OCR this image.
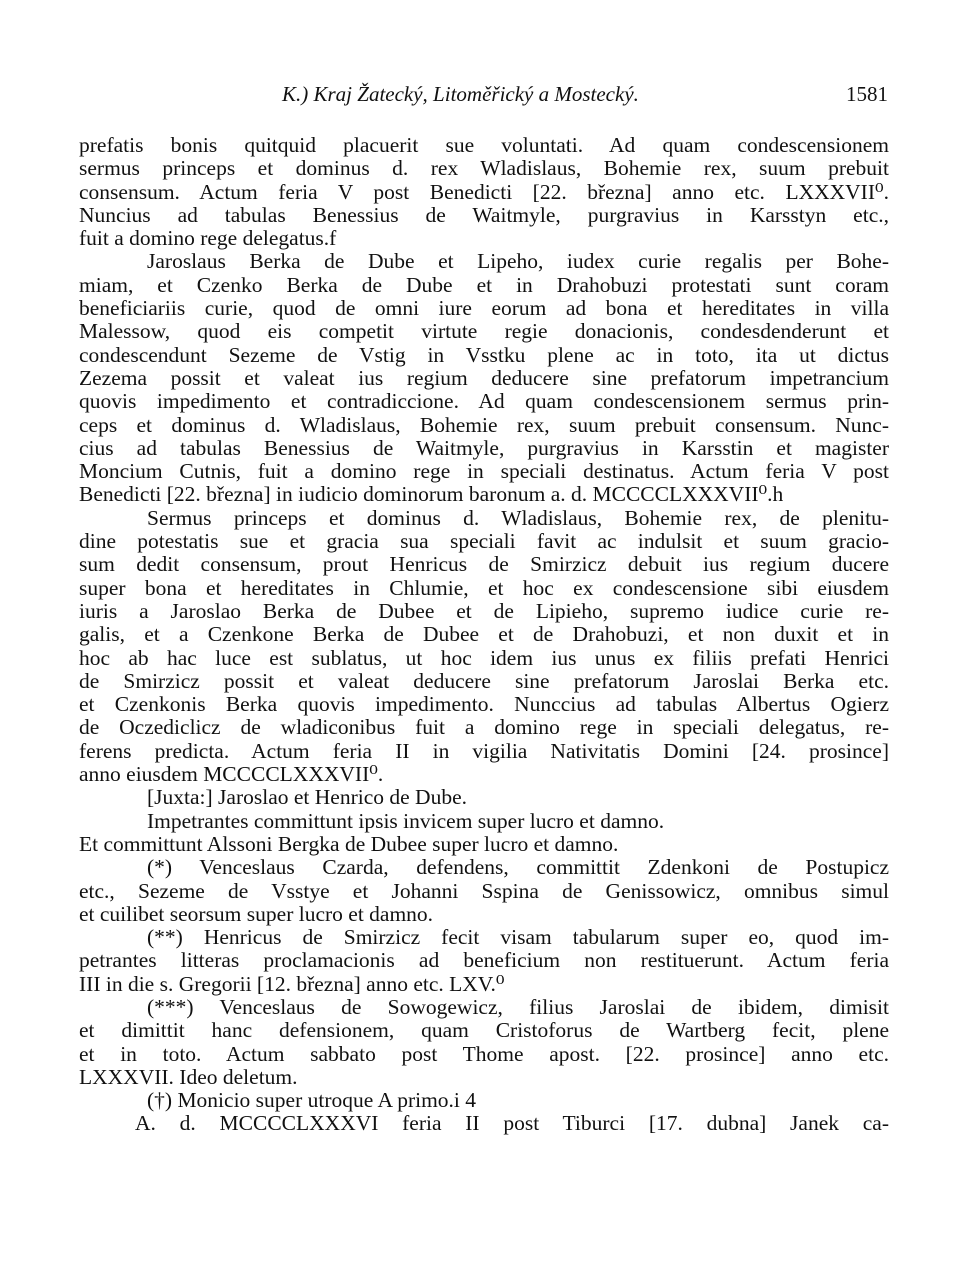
K.) Kraj Žatecký, Litoměřický a Mostecký.	1581
prefatis bonis quitquid placuerit sue voluntati. Ad quam condescensionem
sermus princeps et dominus d. rex Wladislaus, Bohemie rex, suum prebuit
consensum. Actum feria V post Benedicti [22. března] anno etc. LXXXVII⁰.
Nuncius ad tabulas Benessius de Waitmyle, purgravius in Karsstyn etc.,
fuit a domino rege delegatus.f
Jaroslaus Berka de Dube et Lipeho, iudex curie regalis per Bohe-
miam, et Czenko Berka de Dube et in Drahobuzi protestati sunt coram
beneficiariis curie, quod de omni iure eorum ad bona et hereditates in villa
Malessow, quod eis competit virtute regie donacionis, condesdenderunt et
condescendunt Sezeme de Vstig in Vsstku plene ac in toto, ita ut dictus
Zezema possit et valeat ius regium deducere sine prefatorum impetrancium
quovis impedimento et contradiccione. Ad quam condescensionem sermus prin-
ceps et dominus d. Wladislaus, Bohemie rex, suum prebuit consensum. Nunc-
cius ad tabulas Benessius de Waitmyle, purgravius in Karsstin et magister
Moncium Cutnis, fuit a domino rege in speciali destinatus. Actum feria V post
Benedicti [22. března] in iudicio dominorum baronum a. d. MCCCCLXXXVII⁰.h
Sermus princeps et dominus d. Wladislaus, Bohemie rex, de plenitu-
dine potestatis sue et gracia sua speciali favit ac indulsit et suum gracio-
sum dedit consensum, prout Henricus de Smirzicz debuit ius regium ducere
super bona et hereditates in Chlumie, et hoc ex condescensione sibi eiusdem
iuris a Jaroslao Berka de Dubee et de Lipieho, supremo iudice curie re-
galis, et a Czenkone Berka de Dubee et de Drahobuzi, et non duxit et in
hoc ab hac luce est sublatus, ut hoc idem ius unus ex filiis prefati Henrici
de Smirzicz possit et valeat deducere sine prefatorum Jaroslai Berka etc.
et Czenkonis Berka quovis impedimento. Nunccius ad tabulas Albertus Ogierz
de Oczediclicz de wladiconibus fuit a domino rege in speciali delegatus, re-
ferens predicta. Actum feria II in vigilia Nativitatis Domini [24. prosince]
anno eiusdem MCCCCLXXXVII⁰.
[Juxta:] Jaroslao et Henrico de Dube.
Impetrantes committunt ipsis invicem super lucro et damno.
Et committunt Alssoni Bergka de Dubee super lucro et damno.
(*) Venceslaus Czarda, defendens, committit Zdenkoni de Postupicz
etc., Sezeme de Vsstye et Johanni Sspina de Genissowicz, omnibus simul
et cuilibet seorsum super lucro et damno.
(**) Henricus de Smirzicz fecit visam tabularum super eo, quod im-
petrantes litteras proclamacionis ad beneficium non restituerunt. Actum feria
III in die s. Gregorii [12. března] anno etc. LXV.⁰
(***) Venceslaus de Sowogewicz, filius Jaroslai de ibidem, dimisit
et dimittit hanc defensionem, quam Cristoforus de Wartberg fecit, plene
et in toto. Actum sabbato post Thome apost. [22. prosince] anno etc.
LXXXVII. Ideo deletum.
(†) Monicio super utroque A primo.i 4
A. d. MCCCCLXXXVI feria II post Tiburci [17. dubna] Janek ca-
